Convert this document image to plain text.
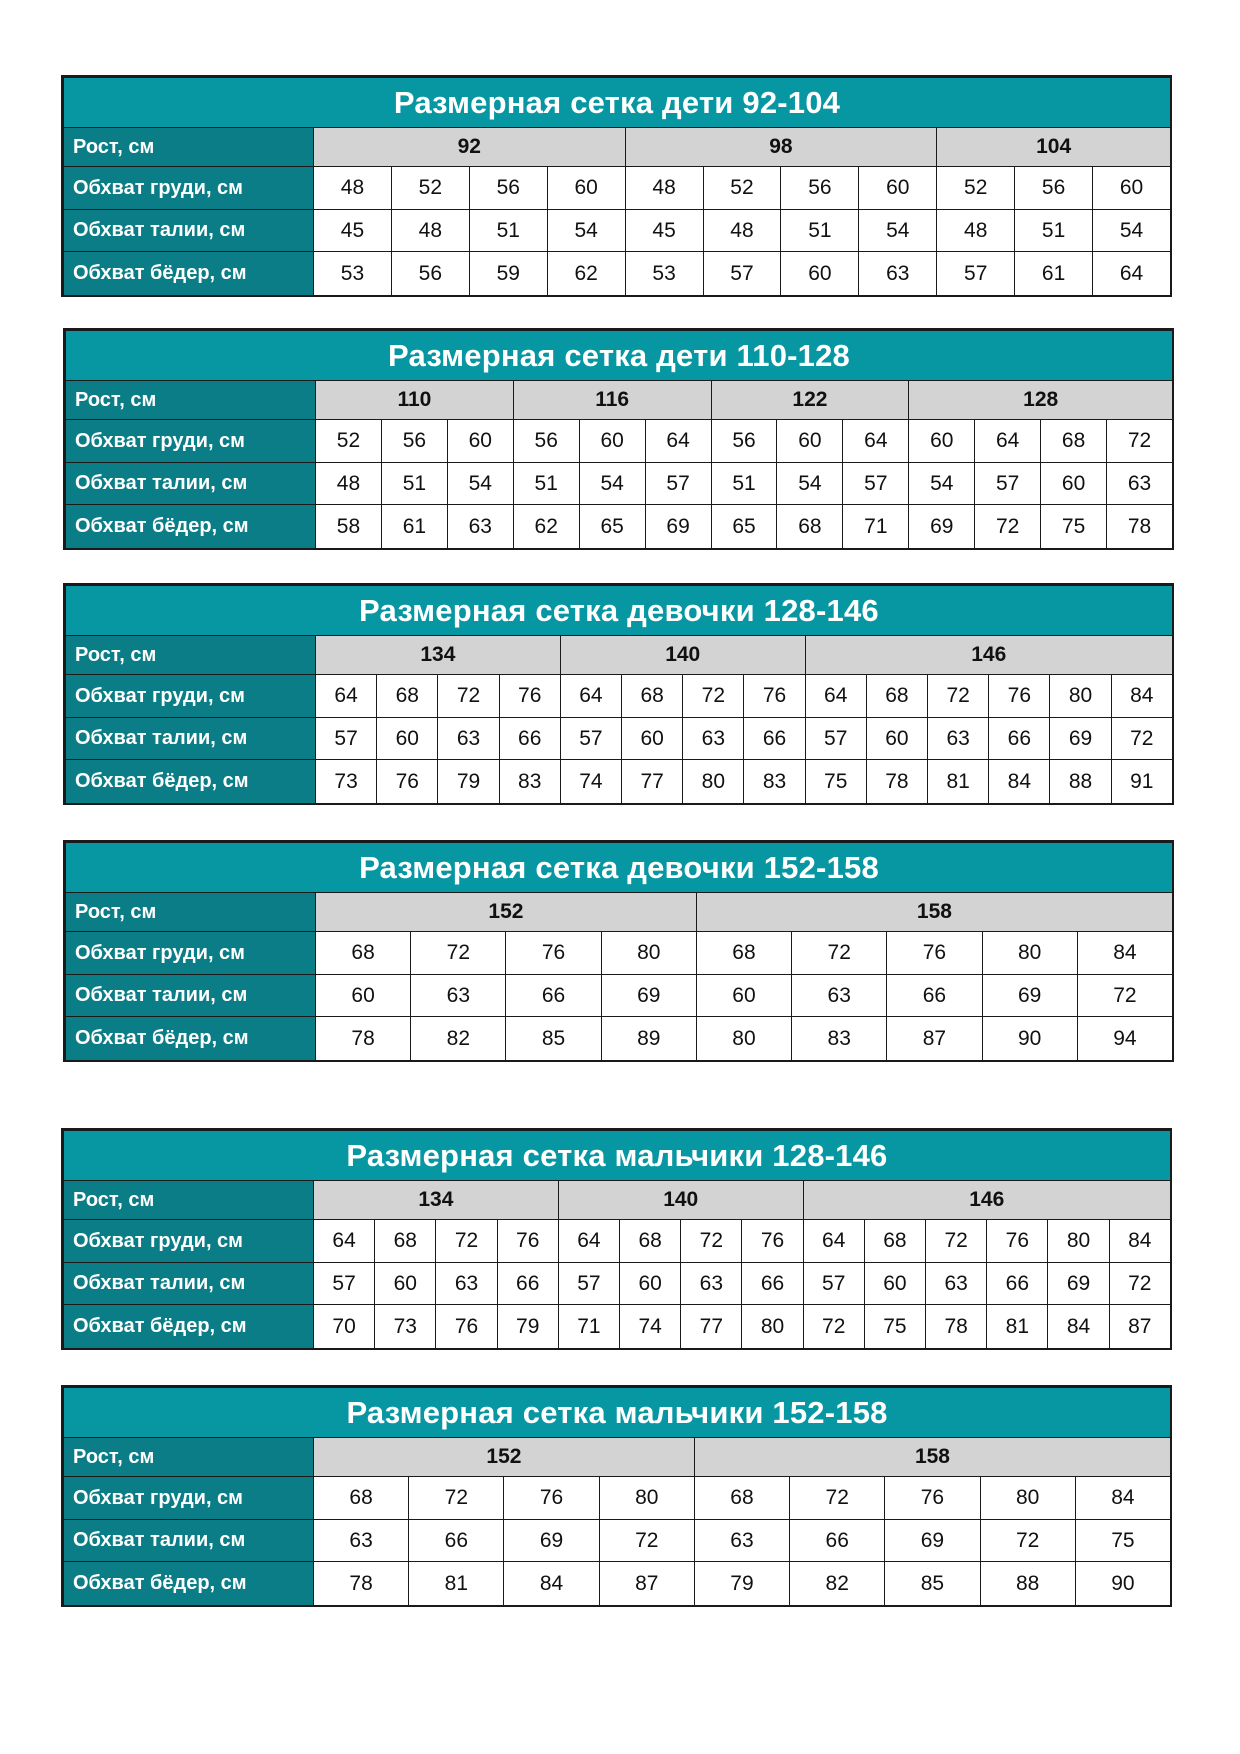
Размерная сетка дети 92-104											
Рост, см	92				98				104		
Обхват груди, см	48	52	56	60	48	52	56	60	52	56	60
Обхват талии, см	45	48	51	54	45	48	51	54	48	51	54
Обхват бёдер, см	53	56	59	62	53	57	60	63	57	61	64
Размерная сетка дети 110-128													
Рост, см	110			116			122			128			
Обхват груди, см	52	56	60	56	60	64	56	60	64	60	64	68	72
Обхват талии, см	48	51	54	51	54	57	51	54	57	54	57	60	63
Обхват бёдер, см	58	61	63	62	65	69	65	68	71	69	72	75	78
Размерная сетка девочки 128-146														
Рост, см	134				140				146					
Обхват груди, см	64	68	72	76	64	68	72	76	64	68	72	76	80	84
Обхват талии, см	57	60	63	66	57	60	63	66	57	60	63	66	69	72
Обхват бёдер, см	73	76	79	83	74	77	80	83	75	78	81	84	88	91
Размерная сетка девочки 152-158									
Рост, см	152				158				
Обхват груди, см	68	72	76	80	68	72	76	80	84
Обхват талии, см	60	63	66	69	60	63	66	69	72
Обхват бёдер, см	78	82	85	89	80	83	87	90	94
Размерная сетка мальчики 128-146														
Рост, см	134				140				146					
Обхват груди, см	64	68	72	76	64	68	72	76	64	68	72	76	80	84
Обхват талии, см	57	60	63	66	57	60	63	66	57	60	63	66	69	72
Обхват бёдер, см	70	73	76	79	71	74	77	80	72	75	78	81	84	87
Размерная сетка мальчики 152-158									
Рост, см	152				158				
Обхват груди, см	68	72	76	80	68	72	76	80	84
Обхват талии, см	63	66	69	72	63	66	69	72	75
Обхват бёдер, см	78	81	84	87	79	82	85	88	90
